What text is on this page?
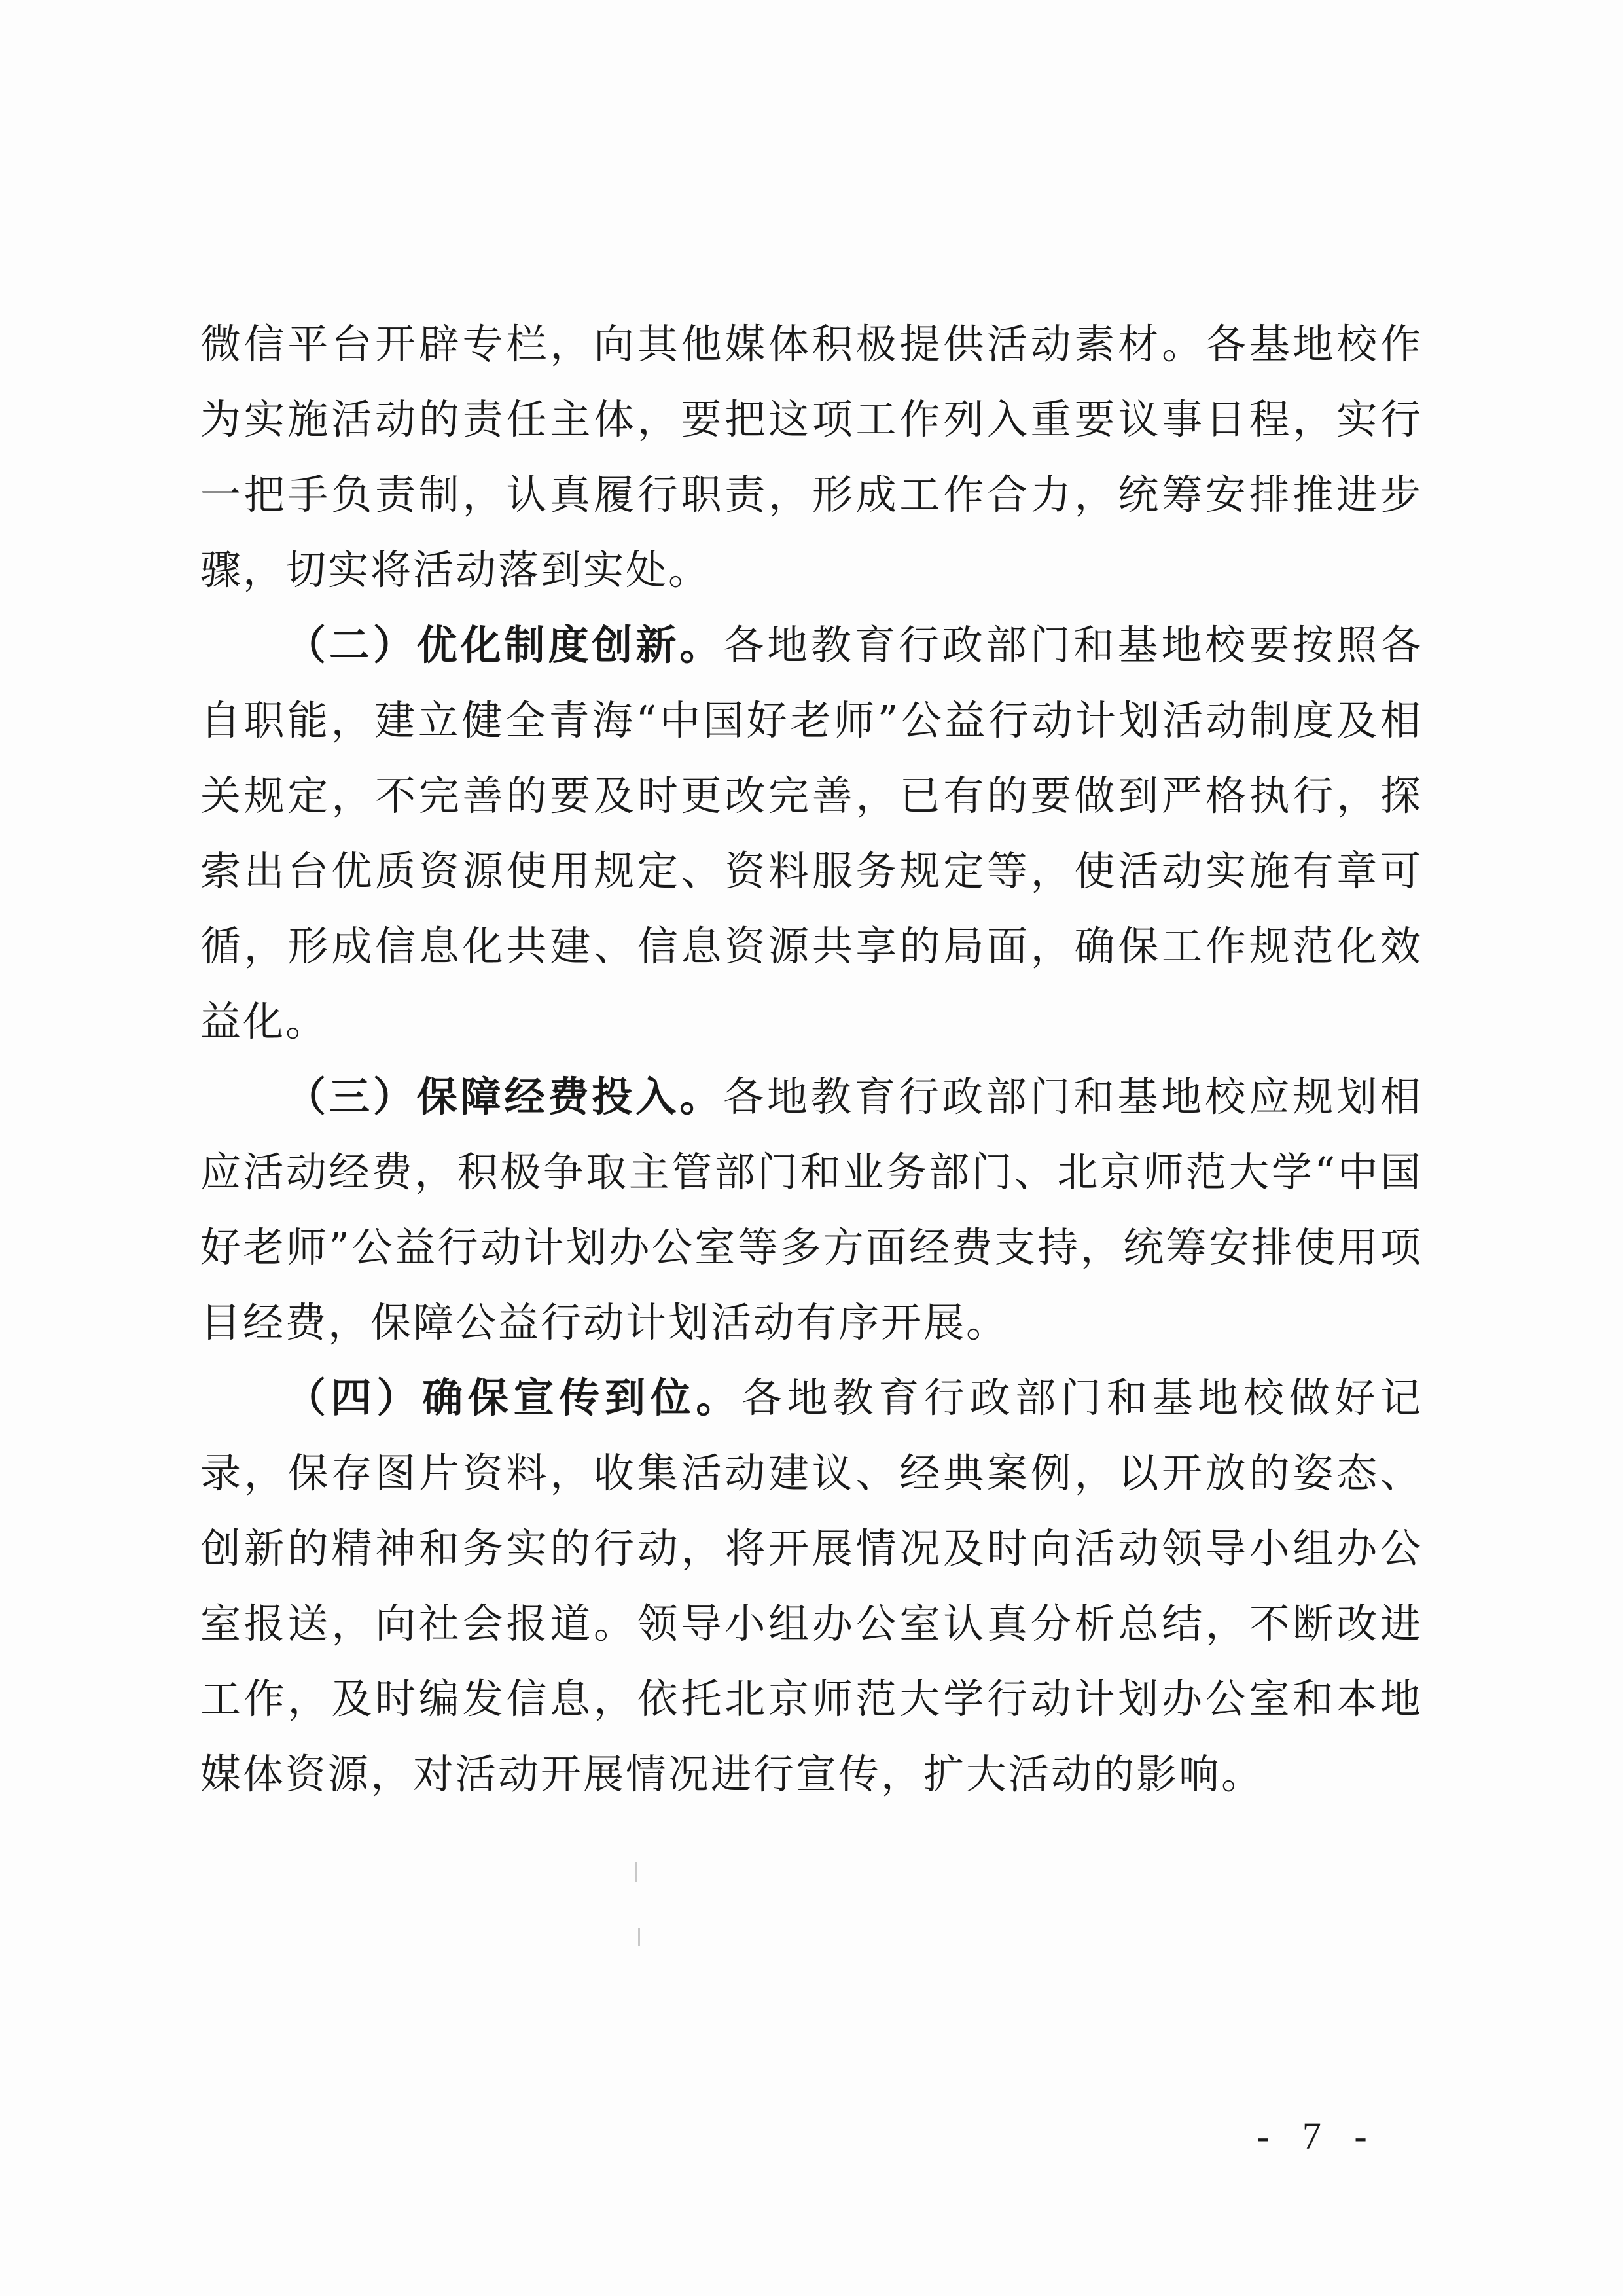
微信平台开辟专栏，向其他媒体积极提供活动素材。各基地校作为实施活动的责任主体，要把这项工作列入重要议事日程，实行一把手负责制，认真履行职责，形成工作合力，统筹安排推进步骤，切实将活动落到实处。

（二）优化制度创新。各地教育行政部门和基地校要按照各自职能，建立健全青海“中国好老师”公益行动计划活动制度及相关规定，不完善的要及时更改完善，已有的要做到严格执行，探索出台优质资源使用规定、资料服务规定等，使活动实施有章可循，形成信息化共建、信息资源共享的局面，确保工作规范化效益化。

（三）保障经费投入。各地教育行政部门和基地校应规划相应活动经费，积极争取主管部门和业务部门、北京师范大学“中国好老师”公益行动计划办公室等多方面经费支持，统筹安排使用项目经费，保障公益行动计划活动有序开展。

（四）确保宣传到位。各地教育行政部门和基地校做好记录，保存图片资料，收集活动建议、经典案例，以开放的姿态、创新的精神和务实的行动，将开展情况及时向活动领导小组办公室报送，向社会报道。领导小组办公室认真分析总结，不断改进工作，及时编发信息，依托北京师范大学行动计划办公室和本地媒体资源，对活动开展情况进行宣传，扩大活动的影响。

- 7 -
